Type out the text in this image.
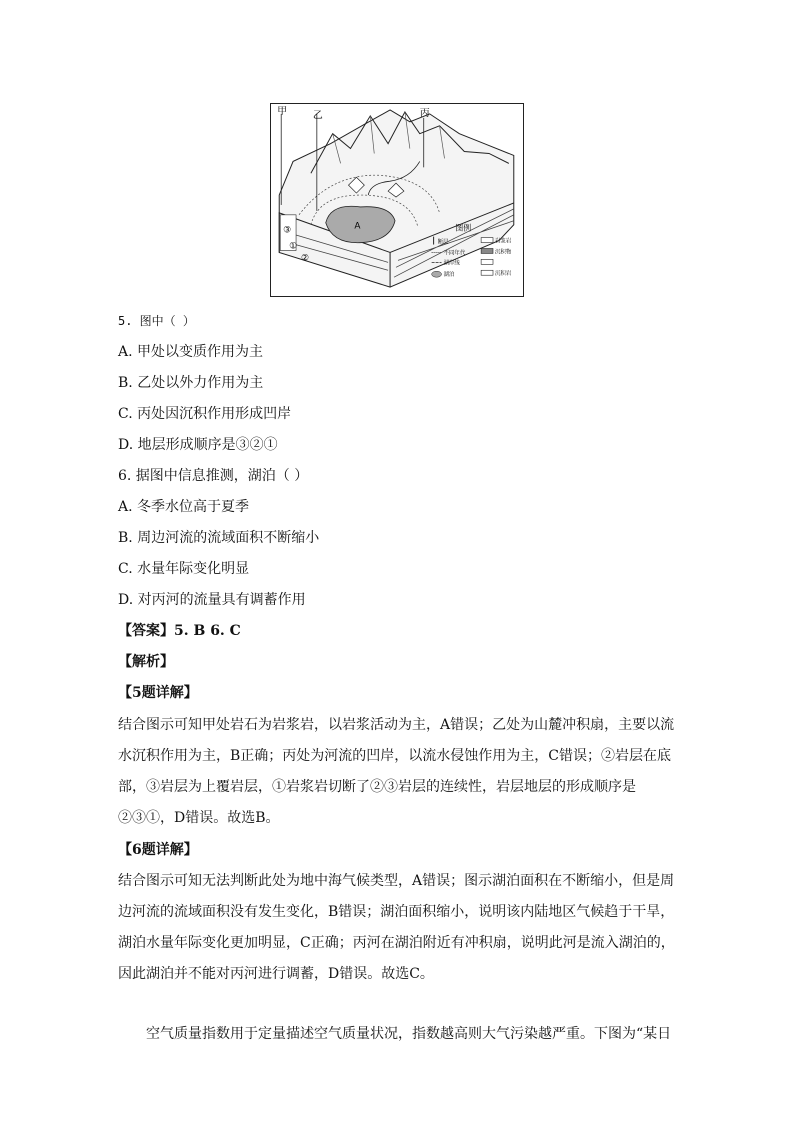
甲	乙	丙
A
①
②
③	图例
断层	岩浆岩
不同年代	沉积物
湖岸线
湖泊	沉积岩
5. 图中（ ）
A. 甲处以变质作用为主
B. 乙处以外力作用为主
C. 丙处因沉积作用形成凹岸
D. 地层形成顺序是③②①
6. 据图中信息推测，湖泊（ ）
A. 冬季水位高于夏季
B. 周边河流的流域面积不断缩小
C. 水量年际变化明显
D. 对丙河的流量具有调蓄作用
【答案】5. B 6. C
【解析】
【5题详解】

结合图示可知甲处岩石为岩浆岩，以岩浆活动为主，A错误；乙处为山麓冲积扇，主要以流水沉积作用为主，B正确；丙处为河流的凹岸，以流水侵蚀作用为主，C错误；②岩层在底部，③岩层为上覆岩层，①岩浆岩切断了②③岩层的连续性，岩层地层的形成顺序是②③①，D错误。故选B。

【6题详解】

结合图示可知无法判断此处为地中海气候类型，A错误；图示湖泊面积在不断缩小，但是周边河流的流域面积没有发生变化，B错误；湖泊面积缩小，说明该内陆地区气候趋于干旱，湖泊水量年际变化更加明显，C正确；丙河在湖泊附近有冲积扇，说明此河是流入湖泊的，因此湖泊并不能对丙河进行调蓄，D错误。故选C。

空气质量指数用于定量描述空气质量状况，指数越高则大气污染越严重。下图为“某日
